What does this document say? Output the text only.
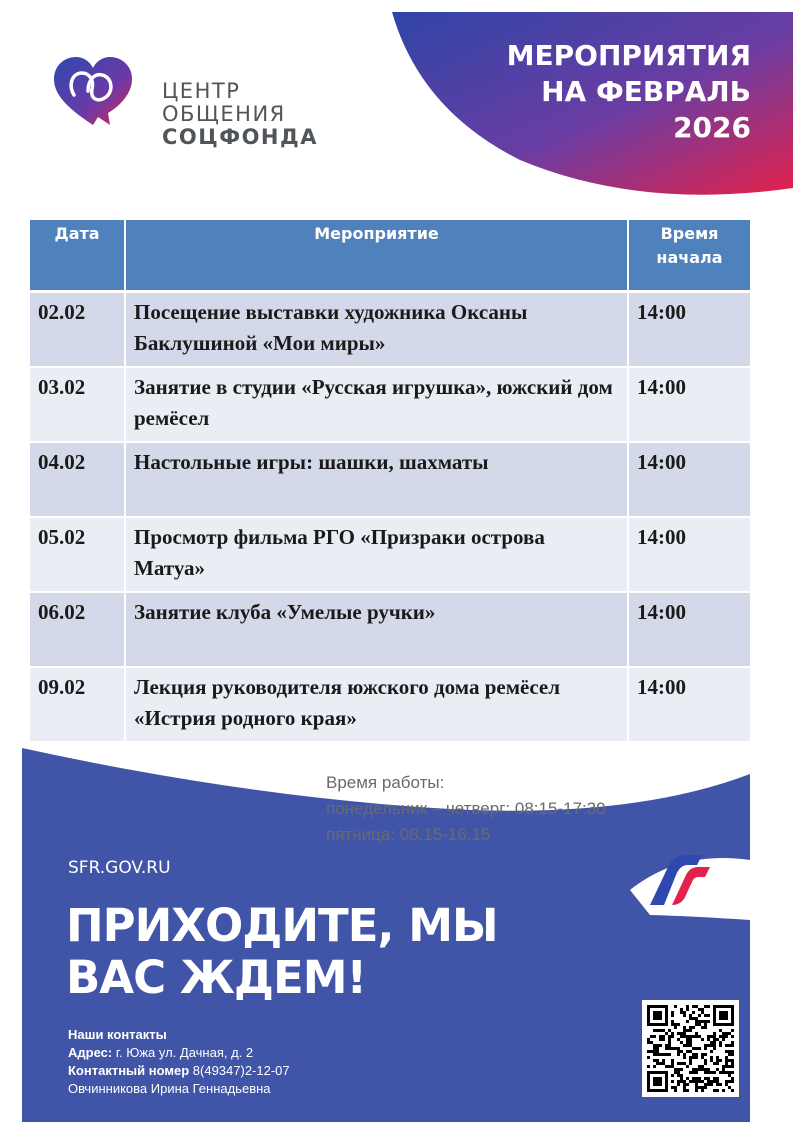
МЕРОПРИЯТИЯ
НА ФЕВРАЛЬ
2026
ЦЕНТР
ОБЩЕНИЯ
СОЦФОНДА
Дата	Мероприятие	Время начала
02.02	Посещение выставки художника Оксаны Баклушиной «Мои миры»	14:00
03.02	Занятие в студии «Русская игрушка», южский дом ремёсел	14:00
04.02	Настольные игры: шашки, шахматы	14:00
05.02	Просмотр фильма РГО «Призраки острова Матуа»	14:00
06.02	Занятие клуба «Умелые ручки»	14:00
09.02	Лекция руководителя южского дома ремёсел «Истрия родного края»	14:00
Время работы:
понедельник – четверг: 08:15-17:30
пятница: 08.15-16.15
SFR.GOV.RU
ПРИХОДИТЕ, МЫ
ВАС ЖДЕМ!
Наши контакты
Адрес: г. Южа ул. Дачная, д. 2
Контактный номер 8(49347)2-12-07
Овчинникова Ирина Геннадьевна
